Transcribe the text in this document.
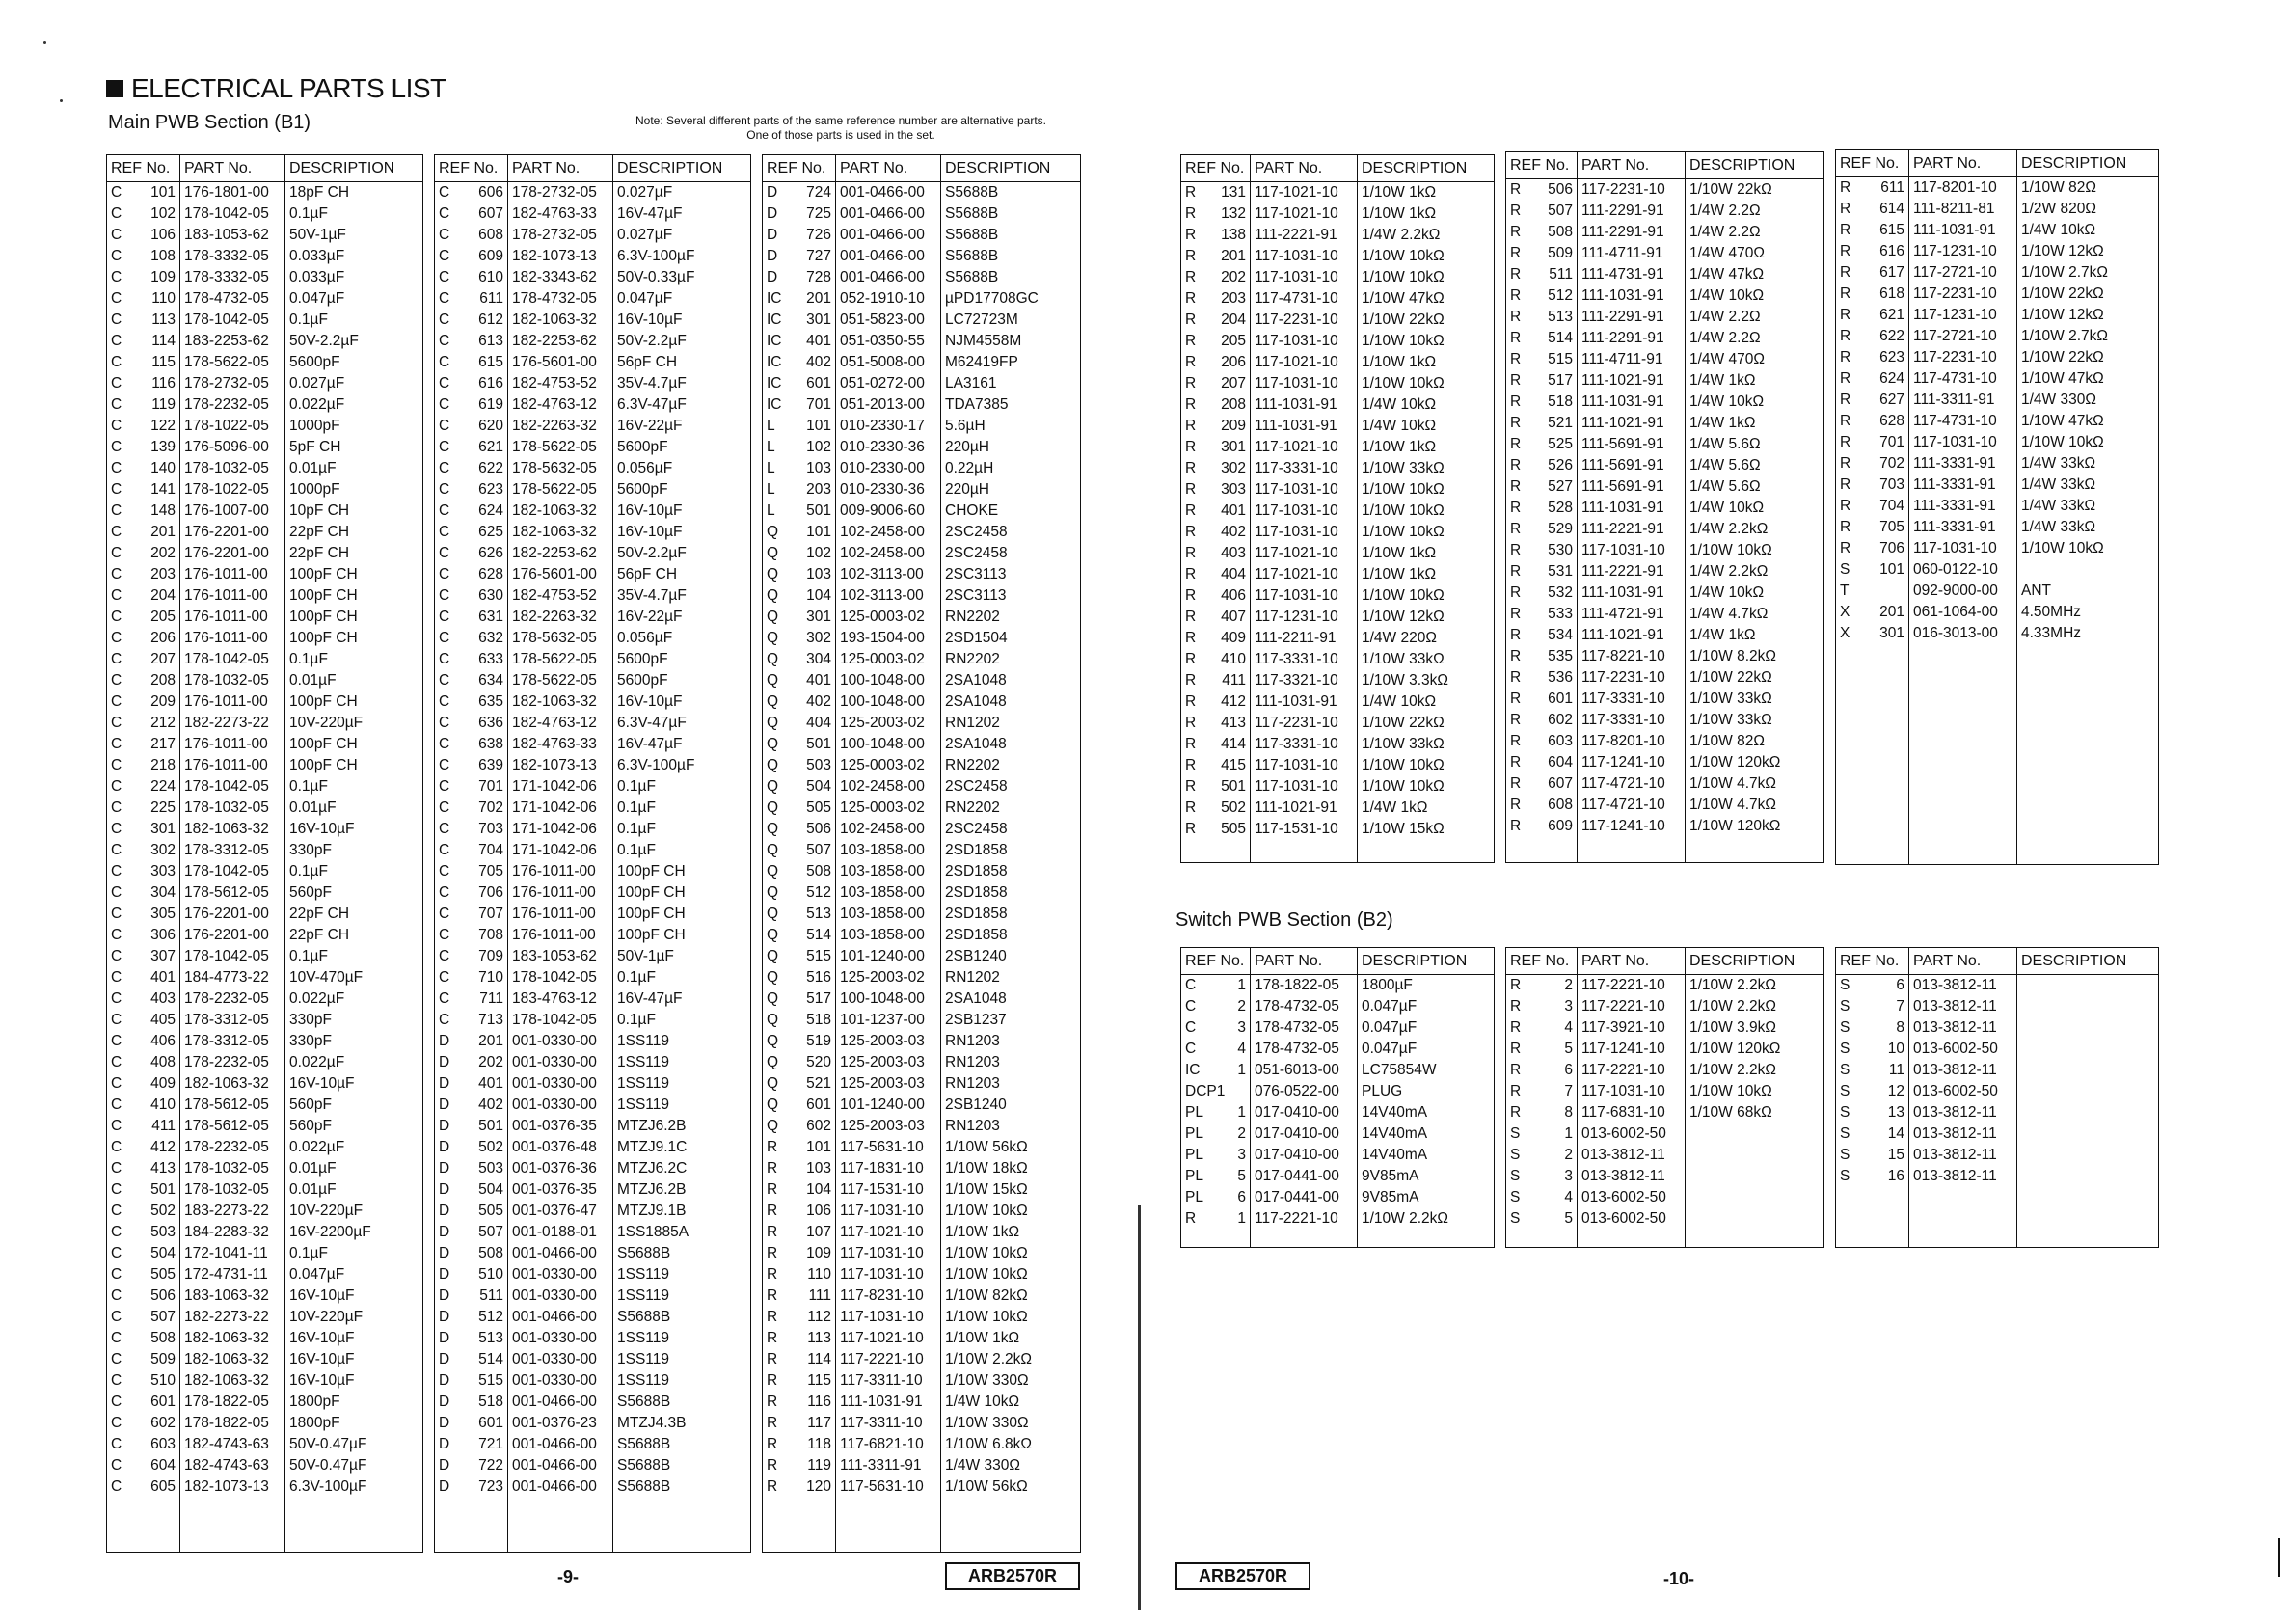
ELECTRICAL PARTS LIST
Main PWB Section (B1)	Note: Several different parts of the same reference number are alternative parts.
One of those parts is used in the set.
Switch PWB Section (B2)
REF No.	PART No.	DESCRIPTION

C 101	176-1801-00	18pF CH

C 102	178-1042-05	0.1µF

C 106	183-1053-62	50V-1µF

C 108	178-3332-05	0.033µF

C 109	178-3332-05	0.033µF

C 110	178-4732-05	0.047µF

C 113	178-1042-05	0.1µF

C 114	183-2253-62	50V-2.2µF

C 115	178-5622-05	5600pF

C 116	178-2732-05	0.027µF

C 119	178-2232-05	0.022µF

C 122	178-1022-05	1000pF

C 139	176-5096-00	5pF CH

C 140	178-1032-05	0.01µF

C 141	178-1022-05	1000pF

C 148	176-1007-00	10pF CH

C 201	176-2201-00	22pF CH

C 202	176-2201-00	22pF CH

C 203	176-1011-00	100pF CH

C 204	176-1011-00	100pF CH

C 205	176-1011-00	100pF CH

C 206	176-1011-00	100pF CH

C 207	178-1042-05	0.1µF

C 208	178-1032-05	0.01µF

C 209	176-1011-00	100pF CH

C 212	182-2273-22	10V-220µF

C 217	176-1011-00	100pF CH

C 218	176-1011-00	100pF CH

C 224	178-1042-05	0.1µF

C 225	178-1032-05	0.01µF

C 301	182-1063-32	16V-10µF

C 302	178-3312-05	330pF

C 303	178-1042-05	0.1µF

C 304	178-5612-05	560pF

C 305	176-2201-00	22pF CH

C 306	176-2201-00	22pF CH

C 307	178-1042-05	0.1µF

C 401	184-4773-22	10V-470µF

C 403	178-2232-05	0.022µF

C 405	178-3312-05	330pF

C 406	178-3312-05	330pF

C 408	178-2232-05	0.022µF

C 409	182-1063-32	16V-10µF

C 410	178-5612-05	560pF

C 411	178-5612-05	560pF

C 412	178-2232-05	0.022µF

C 413	178-1032-05	0.01µF

C 501	178-1032-05	0.01µF

C 502	183-2273-22	10V-220µF

C 503	184-2283-32	16V-2200µF

C 504	172-1041-11	0.1µF

C 505	172-4731-11	0.047µF

C 506	183-1063-32	16V-10µF

C 507	182-2273-22	10V-220µF

C 508	182-1063-32	16V-10µF

C 509	182-1063-32	16V-10µF

C 510	182-1063-32	16V-10µF

C 601	178-1822-05	1800pF

C 602	178-1822-05	1800pF

C 603	182-4743-63	50V-0.47µF

C 604	182-4743-63	50V-0.47µF

C 605	182-1073-13	6.3V-100µF

REF No.	PART No.	DESCRIPTION

C 606	178-2732-05	0.027µF

C 607	182-4763-33	16V-47µF

C 608	178-2732-05	0.027µF

C 609	182-1073-13	6.3V-100µF

C 610	182-3343-62	50V-0.33µF

C 611	178-4732-05	0.047µF

C 612	182-1063-32	16V-10µF

C 613	182-2253-62	50V-2.2µF

C 615	176-5601-00	56pF CH

C 616	182-4753-52	35V-4.7µF

C 619	182-4763-12	6.3V-47µF

C 620	182-2263-32	16V-22µF

C 621	178-5622-05	5600pF

C 622	178-5632-05	0.056µF

C 623	178-5622-05	5600pF

C 624	182-1063-32	16V-10µF

C 625	182-1063-32	16V-10µF

C 626	182-2253-62	50V-2.2µF

C 628	176-5601-00	56pF CH

C 630	182-4753-52	35V-4.7µF

C 631	182-2263-32	16V-22µF

C 632	178-5632-05	0.056µF

C 633	178-5622-05	5600pF

C 634	178-5622-05	5600pF

C 635	182-1063-32	16V-10µF

C 636	182-4763-12	6.3V-47µF

C 638	182-4763-33	16V-47µF

C 639	182-1073-13	6.3V-100µF

C 701	171-1042-06	0.1µF

C 702	171-1042-06	0.1µF

C 703	171-1042-06	0.1µF

C 704	171-1042-06	0.1µF

C 705	176-1011-00	100pF CH

C 706	176-1011-00	100pF CH

C 707	176-1011-00	100pF CH

C 708	176-1011-00	100pF CH

C 709	183-1053-62	50V-1µF

C 710	178-1042-05	0.1µF

C 711	183-4763-12	16V-47µF

C 713	178-1042-05	0.1µF

D 201	001-0330-00	1SS119

D 202	001-0330-00	1SS119

D 401	001-0330-00	1SS119

D 402	001-0330-00	1SS119

D 501	001-0376-35	MTZJ6.2B

D 502	001-0376-48	MTZJ9.1C

D 503	001-0376-36	MTZJ6.2C

D 504	001-0376-35	MTZJ6.2B

D 505	001-0376-47	MTZJ9.1B

D 507	001-0188-01	1SS1885A

D 508	001-0466-00	S5688B

D 510	001-0330-00	1SS119

D 511	001-0330-00	1SS119

D 512	001-0466-00	S5688B

D 513	001-0330-00	1SS119

D 514	001-0330-00	1SS119

D 515	001-0330-00	1SS119

D 518	001-0466-00	S5688B

D 601	001-0376-23	MTZJ4.3B

D 721	001-0466-00	S5688B

D 722	001-0466-00	S5688B

D 723	001-0466-00	S5688B

REF No.	PART No.	DESCRIPTION

D 724	001-0466-00	S5688B

D 725	001-0466-00	S5688B

D 726	001-0466-00	S5688B

D 727	001-0466-00	S5688B

D 728	001-0466-00	S5688B

IC 201	052-1910-10	µPD17708GC

IC 301	051-5823-00	LC72723M

IC 401	051-0350-55	NJM4558M

IC 402	051-5008-00	M62419FP

IC 601	051-0272-00	LA3161

IC 701	051-2013-00	TDA7385

L 101	010-2330-17	5.6µH

L 102	010-2330-36	220µH

L 103	010-2330-00	0.22µH

L 203	010-2330-36	220µH

L 501	009-9006-60	CHOKE

Q 101	102-2458-00	2SC2458

Q 102	102-2458-00	2SC2458

Q 103	102-3113-00	2SC3113

Q 104	102-3113-00	2SC3113

Q 301	125-0003-02	RN2202

Q 302	193-1504-00	2SD1504

Q 304	125-0003-02	RN2202

Q 401	100-1048-00	2SA1048

Q 402	100-1048-00	2SA1048

Q 404	125-2003-02	RN1202

Q 501	100-1048-00	2SA1048

Q 503	125-0003-02	RN2202

Q 504	102-2458-00	2SC2458

Q 505	125-0003-02	RN2202

Q 506	102-2458-00	2SC2458

Q 507	103-1858-00	2SD1858

Q 508	103-1858-00	2SD1858

Q 512	103-1858-00	2SD1858

Q 513	103-1858-00	2SD1858

Q 514	103-1858-00	2SD1858

Q 515	101-1240-00	2SB1240

Q 516	125-2003-02	RN1202

Q 517	100-1048-00	2SA1048

Q 518	101-1237-00	2SB1237

Q 519	125-2003-03	RN1203

Q 520	125-2003-03	RN1203

Q 521	125-2003-03	RN1203

Q 601	101-1240-00	2SB1240

Q 602	125-2003-03	RN1203

R 101	117-5631-10	1/10W 56kΩ

R 103	117-1831-10	1/10W 18kΩ

R 104	117-1531-10	1/10W 15kΩ

R 106	117-1031-10	1/10W 10kΩ

R 107	117-1021-10	1/10W 1kΩ

R 109	117-1031-10	1/10W 10kΩ

R 110	117-1031-10	1/10W 10kΩ

R 111	117-8231-10	1/10W 82kΩ

R 112	117-1031-10	1/10W 10kΩ

R 113	117-1021-10	1/10W 1kΩ

R 114	117-2221-10	1/10W 2.2kΩ

R 115	117-3311-10	1/10W 330Ω

R 116	111-1031-91	1/4W 10kΩ

R 117	117-3311-10	1/10W 330Ω

R 118	117-6821-10	1/10W 6.8kΩ

R 119	111-3311-91	1/4W 330Ω

R 120	117-5631-10	1/10W 56kΩ

REF No.	PART No.	DESCRIPTION

R 131	117-1021-10	1/10W 1kΩ

R 132	117-1021-10	1/10W 1kΩ

R 138	111-2221-91	1/4W 2.2kΩ

R 201	117-1031-10	1/10W 10kΩ

R 202	117-1031-10	1/10W 10kΩ

R 203	117-4731-10	1/10W 47kΩ

R 204	117-2231-10	1/10W 22kΩ

R 205	117-1031-10	1/10W 10kΩ

R 206	117-1021-10	1/10W 1kΩ

R 207	117-1031-10	1/10W 10kΩ

R 208	111-1031-91	1/4W 10kΩ

R 209	111-1031-91	1/4W 10kΩ

R 301	117-1021-10	1/10W 1kΩ

R 302	117-3331-10	1/10W 33kΩ

R 303	117-1031-10	1/10W 10kΩ

R 401	117-1031-10	1/10W 10kΩ

R 402	117-1031-10	1/10W 10kΩ

R 403	117-1021-10	1/10W 1kΩ

R 404	117-1021-10	1/10W 1kΩ

R 406	117-1031-10	1/10W 10kΩ

R 407	117-1231-10	1/10W 12kΩ

R 409	111-2211-91	1/4W 220Ω

R 410	117-3331-10	1/10W 33kΩ

R 411	117-3321-10	1/10W 3.3kΩ

R 412	111-1031-91	1/4W 10kΩ

R 413	117-2231-10	1/10W 22kΩ

R 414	117-3331-10	1/10W 33kΩ

R 415	117-1031-10	1/10W 10kΩ

R 501	117-1031-10	1/10W 10kΩ

R 502	111-1021-91	1/4W 1kΩ

R 505	117-1531-10	1/10W 15kΩ

REF No.	PART No.	DESCRIPTION

R 506	117-2231-10	1/10W 22kΩ

R 507	111-2291-91	1/4W 2.2Ω

R 508	111-2291-91	1/4W 2.2Ω

R 509	111-4711-91	1/4W 470Ω

R 511	111-4731-91	1/4W 47kΩ

R 512	111-1031-91	1/4W 10kΩ

R 513	111-2291-91	1/4W 2.2Ω

R 514	111-2291-91	1/4W 2.2Ω

R 515	111-4711-91	1/4W 470Ω

R 517	111-1021-91	1/4W 1kΩ

R 518	111-1031-91	1/4W 10kΩ

R 521	111-1021-91	1/4W 1kΩ

R 525	111-5691-91	1/4W 5.6Ω

R 526	111-5691-91	1/4W 5.6Ω

R 527	111-5691-91	1/4W 5.6Ω

R 528	111-1031-91	1/4W 10kΩ

R 529	111-2221-91	1/4W 2.2kΩ

R 530	117-1031-10	1/10W 10kΩ

R 531	111-2221-91	1/4W 2.2kΩ

R 532	111-1031-91	1/4W 10kΩ

R 533	111-4721-91	1/4W 4.7kΩ

R 534	111-1021-91	1/4W 1kΩ

R 535	117-8221-10	1/10W 8.2kΩ

R 536	117-2231-10	1/10W 22kΩ

R 601	117-3331-10	1/10W 33kΩ

R 602	117-3331-10	1/10W 33kΩ

R 603	117-8201-10	1/10W 82Ω

R 604	117-1241-10	1/10W 120kΩ

R 607	117-4721-10	1/10W 4.7kΩ

R 608	117-4721-10	1/10W 4.7kΩ

R 609	117-1241-10	1/10W 120kΩ

REF No.	PART No.	DESCRIPTION

R 611	117-8201-10	1/10W 82Ω

R 614	111-8211-81	1/2W 820Ω

R 615	111-1031-91	1/4W 10kΩ

R 616	117-1231-10	1/10W 12kΩ

R 617	117-2721-10	1/10W 2.7kΩ

R 618	117-2231-10	1/10W 22kΩ

R 621	117-1231-10	1/10W 12kΩ

R 622	117-2721-10	1/10W 2.7kΩ

R 623	117-2231-10	1/10W 22kΩ

R 624	117-4731-10	1/10W 47kΩ

R 627	111-3311-91	1/4W 330Ω

R 628	117-4731-10	1/10W 47kΩ

R 701	117-1031-10	1/10W 10kΩ

R 702	111-3331-91	1/4W 33kΩ

R 703	111-3331-91	1/4W 33kΩ

R 704	111-3331-91	1/4W 33kΩ

R 705	111-3331-91	1/4W 33kΩ

R 706	117-1031-10	1/10W 10kΩ

S 101	060-0122-10	

T	092-9000-00	ANT

X 201	061-1064-00	4.50MHz

X 301	016-3013-00	4.33MHz

REF No.	PART No.	DESCRIPTION

C 1	178-1822-05	1800µF

C 2	178-4732-05	0.047µF

C 3	178-4732-05	0.047µF

C 4	178-4732-05	0.047µF

IC 1	051-6013-00	LC75854W

DCP1	076-0522-00	PLUG

PL 1	017-0410-00	14V40mA

PL 2	017-0410-00	14V40mA

PL 3	017-0410-00	14V40mA

PL 5	017-0441-00	9V85mA

PL 6	017-0441-00	9V85mA

R 1	117-2221-10	1/10W 2.2kΩ

REF No.	PART No.	DESCRIPTION

R 2	117-2221-10	1/10W 2.2kΩ

R 3	117-2221-10	1/10W 2.2kΩ

R 4	117-3921-10	1/10W 3.9kΩ

R 5	117-1241-10	1/10W 120kΩ

R 6	117-2221-10	1/10W 2.2kΩ

R 7	117-1031-10	1/10W 10kΩ

R 8	117-6831-10	1/10W 68kΩ

S 1	013-6002-50	

S 2	013-3812-11	

S 3	013-3812-11	

S 4	013-6002-50	

S 5	013-6002-50	

REF No.	PART No.	DESCRIPTION

S 6	013-3812-11	

S 7	013-3812-11	

S 8	013-3812-11	

S 10	013-6002-50	

S 11	013-3812-11	

S 12	013-6002-50	

S 13	013-3812-11	

S 14	013-3812-11	

S 15	013-3812-11	

S 16	013-3812-11	

-9-	ARB2570R	ARB2570R	-10-
